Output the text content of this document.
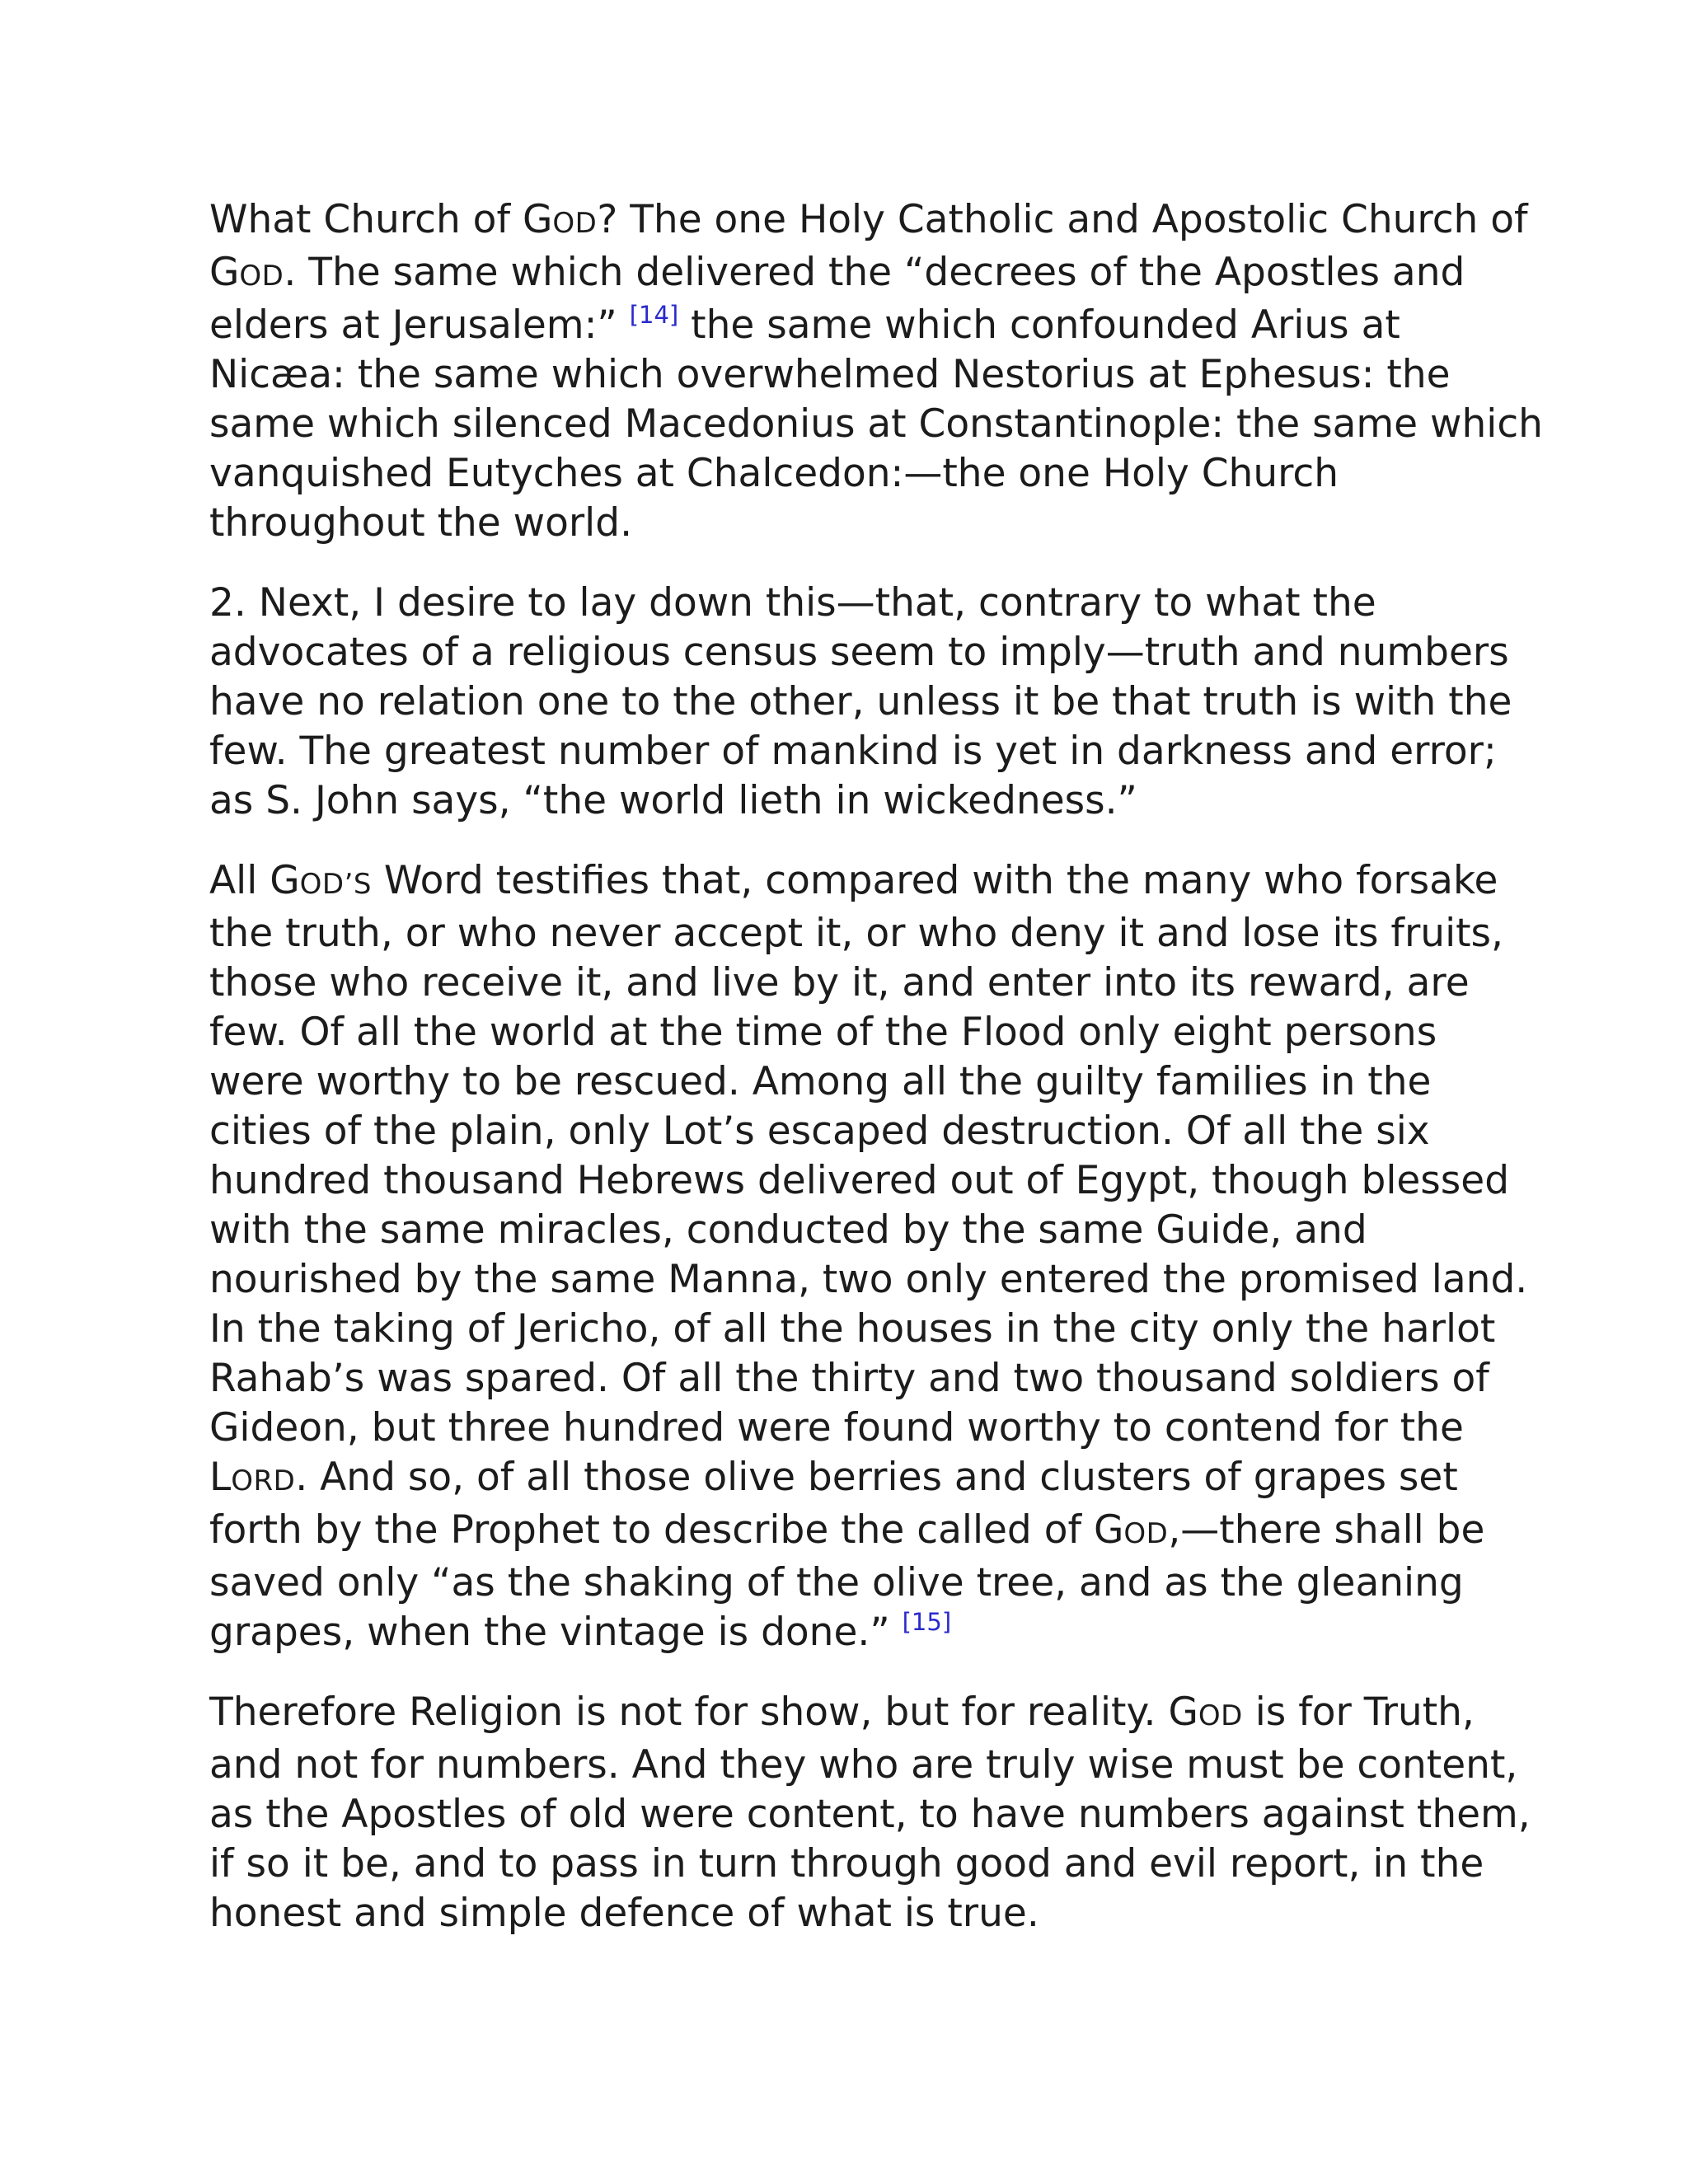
What Church of GOD? The one Holy Catholic and Apostolic Church of
GOD. The same which delivered the “decrees of the Apostles and
elders at Jerusalem:” [14] the same which confounded Arius at
Nicæa: the same which overwhelmed Nestorius at Ephesus: the
same which silenced Macedonius at Constantinople: the same which
vanquished Eutyches at Chalcedon:—the one Holy Church
throughout the world.

2. Next, I desire to lay down this—that, contrary to what the
advocates of a religious census seem to imply—truth and numbers
have no relation one to the other, unless it be that truth is with the
few. The greatest number of mankind is yet in darkness and error;
as S. John says, “the world lieth in wickedness.”

All GOD’S Word testifies that, compared with the many who forsake
the truth, or who never accept it, or who deny it and lose its fruits,
those who receive it, and live by it, and enter into its reward, are
few. Of all the world at the time of the Flood only eight persons
were worthy to be rescued. Among all the guilty families in the
cities of the plain, only Lot’s escaped destruction. Of all the six
hundred thousand Hebrews delivered out of Egypt, though blessed
with the same miracles, conducted by the same Guide, and
nourished by the same Manna, two only entered the promised land.
In the taking of Jericho, of all the houses in the city only the harlot
Rahab’s was spared. Of all the thirty and two thousand soldiers of
Gideon, but three hundred were found worthy to contend for the
LORD. And so, of all those olive berries and clusters of grapes set
forth by the Prophet to describe the called of GOD,—there shall be
saved only “as the shaking of the olive tree, and as the gleaning
grapes, when the vintage is done.” [15]

Therefore Religion is not for show, but for reality. GOD is for Truth,
and not for numbers. And they who are truly wise must be content,
as the Apostles of old were content, to have numbers against them,
if so it be, and to pass in turn through good and evil report, in the
honest and simple defence of what is true.
